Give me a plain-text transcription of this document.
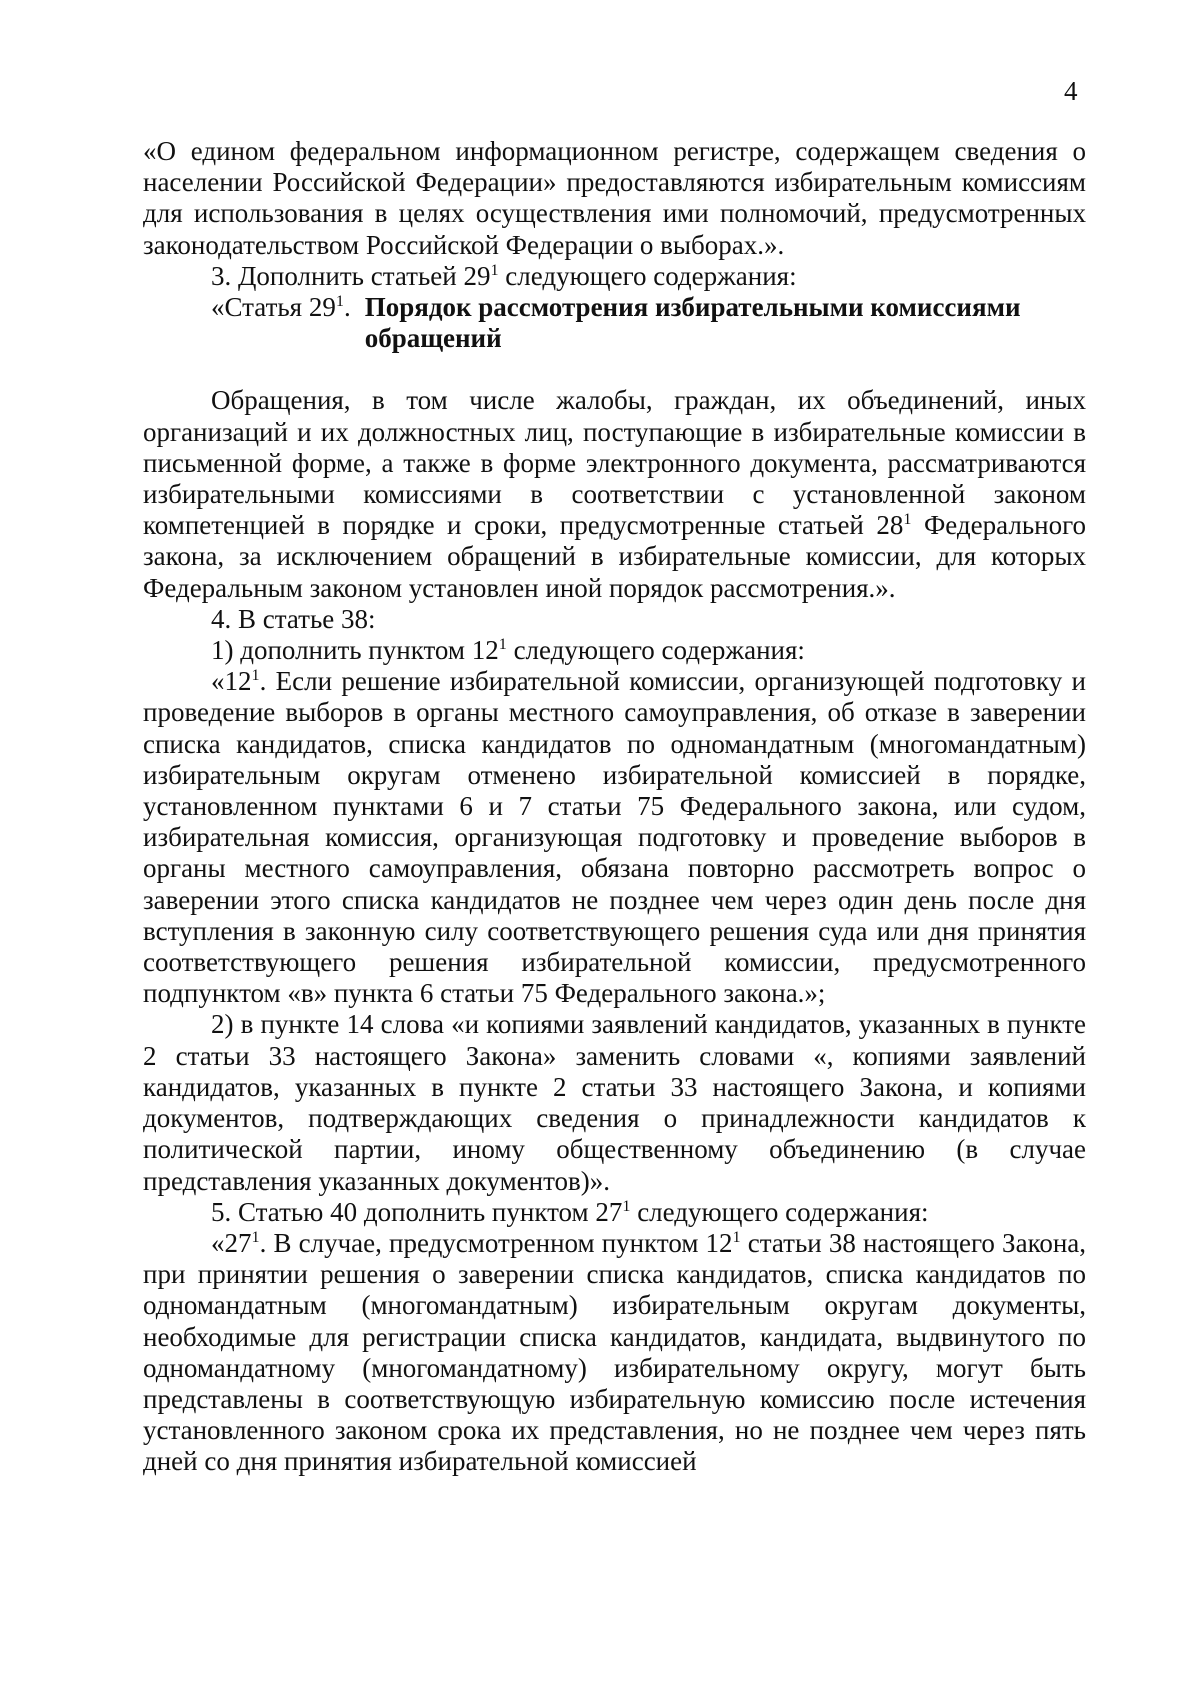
4

«О едином федеральном информационном регистре, содержащем сведения о населении Российской Федерации» предоставляются избирательным комиссиям для использования в целях осуществления ими полномочий, предусмотренных законодательством Российской Федерации о выборах.».

3. Дополнить статьей $29^1$ следующего содержания:

«Статья $29^1$. Порядок рассмотрения избирательными комиссиями обращений

Обращения, в том числе жалобы, граждан, их объединений, иных организаций и их должностных лиц, поступающие в избирательные комиссии в письменной форме, а также в форме электронного документа, рассматриваются избирательными комиссиями в соответствии с установленной законом компетенцией в порядке и сроки, предусмотренные статьей $28^1$ Федерального закона, за исключением обращений в избирательные комиссии, для которых Федеральным законом установлен иной порядок рассмотрения.».

4. В статье 38:

1) дополнить пунктом $12^1$ следующего содержания:

«$12^1$. Если решение избирательной комиссии, организующей подготовку и проведение выборов в органы местного самоуправления, об отказе в заверении списка кандидатов, списка кандидатов по одномандатным (многомандатным) избирательным округам отменено избирательной комиссией в порядке, установленном пунктами 6 и 7 статьи 75 Федерального закона, или судом, избирательная комиссия, организующая подготовку и проведение выборов в органы местного самоуправления, обязана повторно рассмотреть вопрос о заверении этого списка кандидатов не позднее чем через один день после дня вступления в законную силу соответствующего решения суда или дня принятия соответствующего решения избирательной комиссии, предусмотренного подпунктом «в» пункта 6 статьи 75 Федерального закона.»;

2) в пункте 14 слова «и копиями заявлений кандидатов, указанных в пункте 2 статьи 33 настоящего Закона» заменить словами «, копиями заявлений кандидатов, указанных в пункте 2 статьи 33 настоящего Закона, и копиями документов, подтверждающих сведения о принадлежности кандидатов к политической партии, иному общественному объединению (в случае представления указанных документов)».

5. Статью 40 дополнить пунктом $27^1$ следующего содержания:

«$27^1$. В случае, предусмотренном пунктом $12^1$ статьи 38 настоящего Закона, при принятии решения о заверении списка кандидатов, списка кандидатов по одномандатным (многомандатным) избирательным округам документы, необходимые для регистрации списка кандидатов, кандидата, выдвинутого по одномандатному (многомандатному) избирательному округу, могут быть представлены в соответствующую избирательную комиссию после истечения установленного законом срока их представления, но не позднее чем через пять дней со дня принятия избирательной комиссией
